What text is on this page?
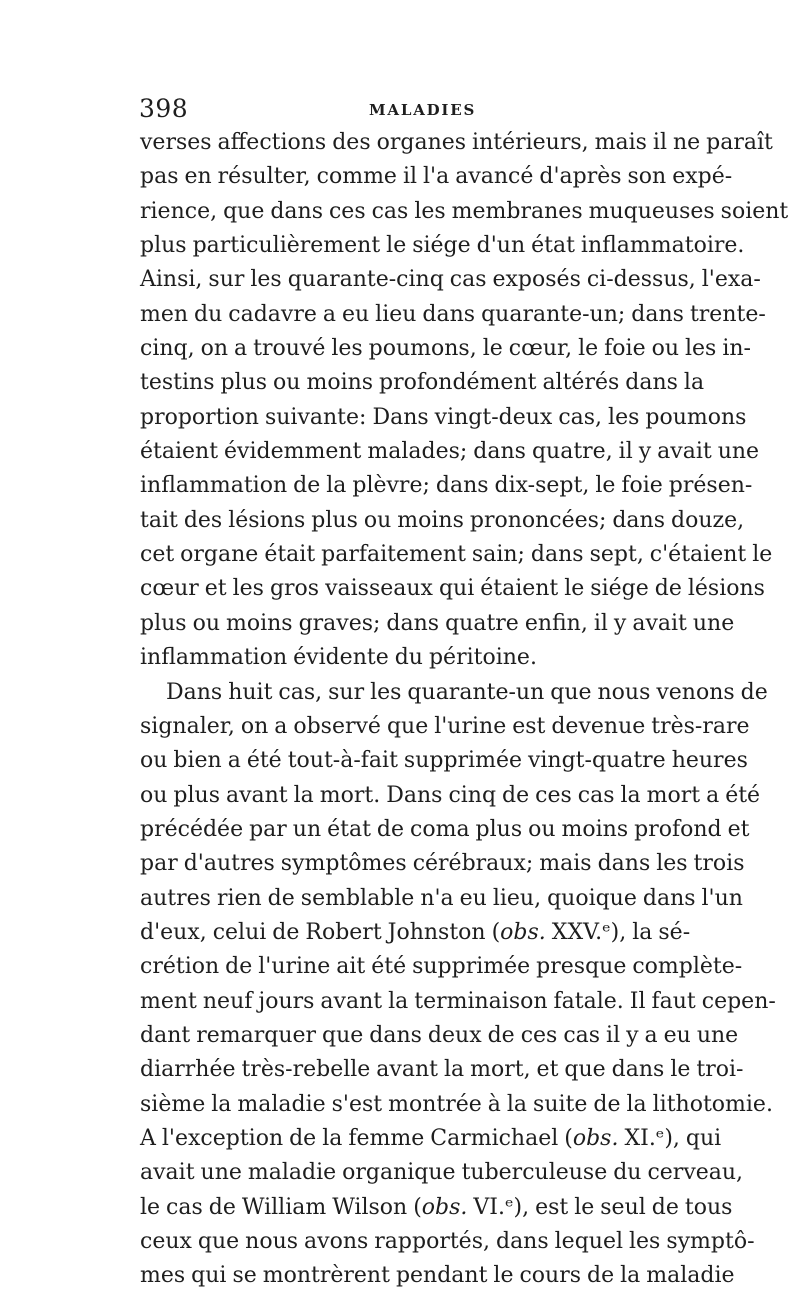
398	MALADIES
verses affections des organes intérieurs, mais il ne paraît
pas en résulter, comme il l'a avancé d'après son expé-
rience, que dans ces cas les membranes muqueuses soient
plus particulièrement le siége d'un état inflammatoire.
Ainsi, sur les quarante-cinq cas exposés ci-dessus, l'exa-
men du cadavre a eu lieu dans quarante-un; dans trente-
cinq, on a trouvé les poumons, le cœur, le foie ou les in-
testins plus ou moins profondément altérés dans la
proportion suivante: Dans vingt-deux cas, les poumons
étaient évidemment malades; dans quatre, il y avait une
inflammation de la plèvre; dans dix-sept, le foie présen-
tait des lésions plus ou moins prononcées; dans douze,
cet organe était parfaitement sain; dans sept, c'étaient le
cœur et les gros vaisseaux qui étaient le siége de lésions
plus ou moins graves; dans quatre enfin, il y avait une
inflammation évidente du péritoine.
Dans huit cas, sur les quarante-un que nous venons de
signaler, on a observé que l'urine est devenue très-rare
ou bien a été tout-à-fait supprimée vingt-quatre heures
ou plus avant la mort. Dans cinq de ces cas la mort a été
précédée par un état de coma plus ou moins profond et
par d'autres symptômes cérébraux; mais dans les trois
autres rien de semblable n'a eu lieu, quoique dans l'un
d'eux, celui de Robert Johnston (obs. XXV.ᵉ), la sé-
crétion de l'urine ait été supprimée presque complète-
ment neuf jours avant la terminaison fatale. Il faut cepen-
dant remarquer que dans deux de ces cas il y a eu une
diarrhée très-rebelle avant la mort, et que dans le troi-
sième la maladie s'est montrée à la suite de la lithotomie.
A l'exception de la femme Carmichael (obs. XI.ᵉ), qui
avait une maladie organique tuberculeuse du cerveau,
le cas de William Wilson (obs. VI.ᵉ), est le seul de tous
ceux que nous avons rapportés, dans lequel les symptô-
mes qui se montrèrent pendant le cours de la maladie
